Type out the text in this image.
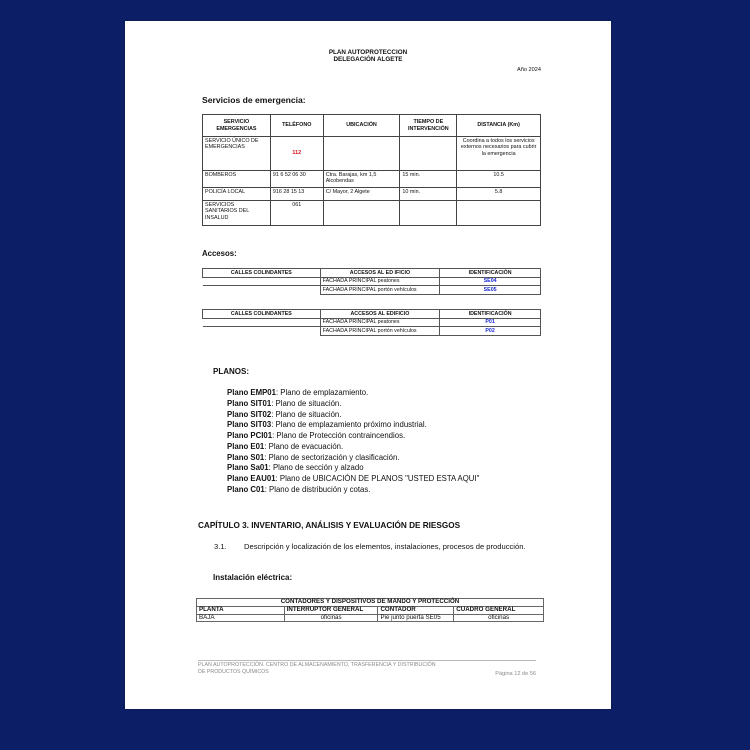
PLAN AUTOPROTECCION
DELEGACIÓN ALGETE
Año 2024
Servicios de emergencia:
SERVICIO EMERGENCIAS	TELÉFONO	UBICACIÓN	TIEMPO DE INTERVENCIÓN	DISTANCIA (Km)
SERVICIO ÚNICO DE EMERGENCIAS	112			Coordina a todos los servicios externos necesarios para cubrir la emergencia
BOMBEROS	91 6 52 06 30	Ctra. Barajas, km 1,5 Alcobendas	15 min.	10.5
POLICÍA LOCAL	916 28 15 13	C/ Mayor, 2 Algete	10 min.	5.8
SERVICIOS SANITARIOS DEL INSALUD	061			
Accesos:
CALLES COLINDANTES	ACCESOS AL ED IFICIO	IDENTIFICACIÓN
	FACHADA PRINCIPAL peatones	SE04
	FACHADA PRINCIPAL portón vehículos	SE05
CALLES COLINDANTES	ACCESOS AL EDIFICIO	IDENTIFICACIÓN
	FACHADA PRINCIPAL peatones	P01
	FACHADA PRINCIPAL portón vehículos	P02
PLANOS:
Plano EMP01: Plano de emplazamiento.
Plano SIT01: Plano de situación.
Plano SIT02: Plano de situación.
Plano SIT03: Plano de emplazamiento próximo industrial.
Plano PCI01: Plano de Protección contraincendios.
Plano E01: Plano de evacuación.
Plano S01: Plano de sectorización y clasificación.
Plano Sa01: Plano de sección y alzado
Plano EAU01: Plano de UBICACIÓN DE PLANOS "USTED ESTA AQUI"
Plano C01: Plano de distribución y cotas.
CAPÍTULO 3. INVENTARIO, ANÁLISIS Y EVALUACIÓN DE RIESGOS
3.1. Descripción y localización de los elementos, instalaciones, procesos de producción.
Instalación eléctrica:
CONTADORES Y DISPOSITIVOS DE MANDO Y PROTECCIÓN			
PLANTA	INTERRUPTOR GENERAL	CONTADOR	CUADRO GENERAL
BAJA	oficinas	Pie junto puerta SE05	oficinas
PLAN AUTOPROTECCIÓN. CENTRO DE ALMACENAMIENTO, TRASFERENCIA Y DISTRIBUCIÓN
DE PRODUCTOS QUÍMICOS	Página 12 de 56
